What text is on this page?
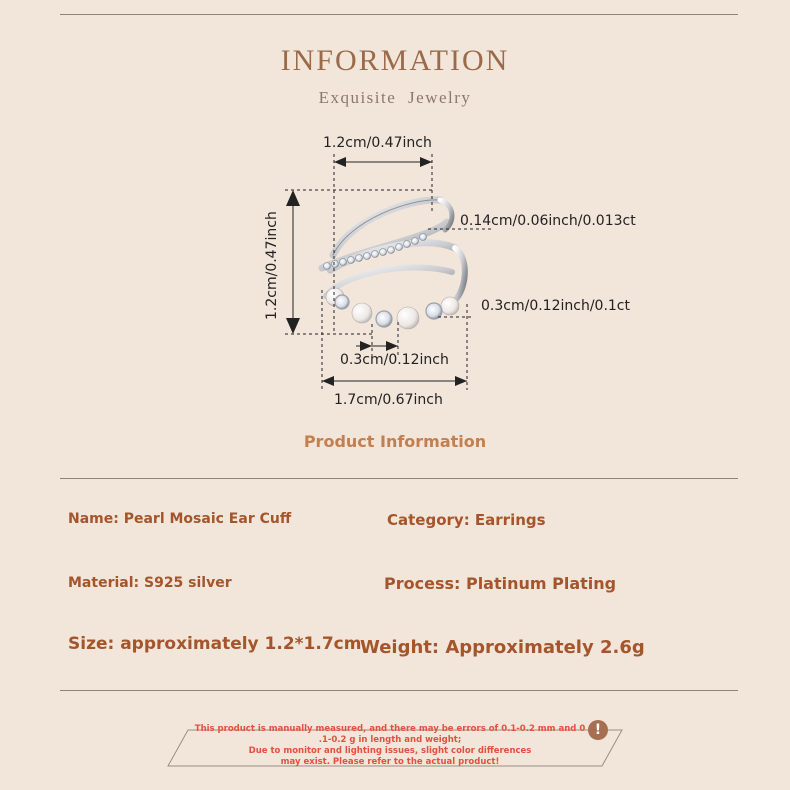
INFORMATION
Exquisite Jewelry
1.2cm/0.47inch
1.2cm/0.47inch	0.14cm/0.06inch/0.013ct
0.3cm/0.12inch/0.1ct
0.3cm/0.12inch
1.7cm/0.67inch
Product Information
Name: Pearl Mosaic Ear Cuff	Category: Earrings
Material: S925 silver	Process: Platinum Plating
Size: approximately 1.2*1.7cm
Weight: Approximately 2.6g
This product is manually measured, and there may be errors of 0.1-0.2 mm and 0
.1-0.2 g in length and weight;
Due to monitor and lighting issues, slight color differences
may exist. Please refer to the actual product!
!
